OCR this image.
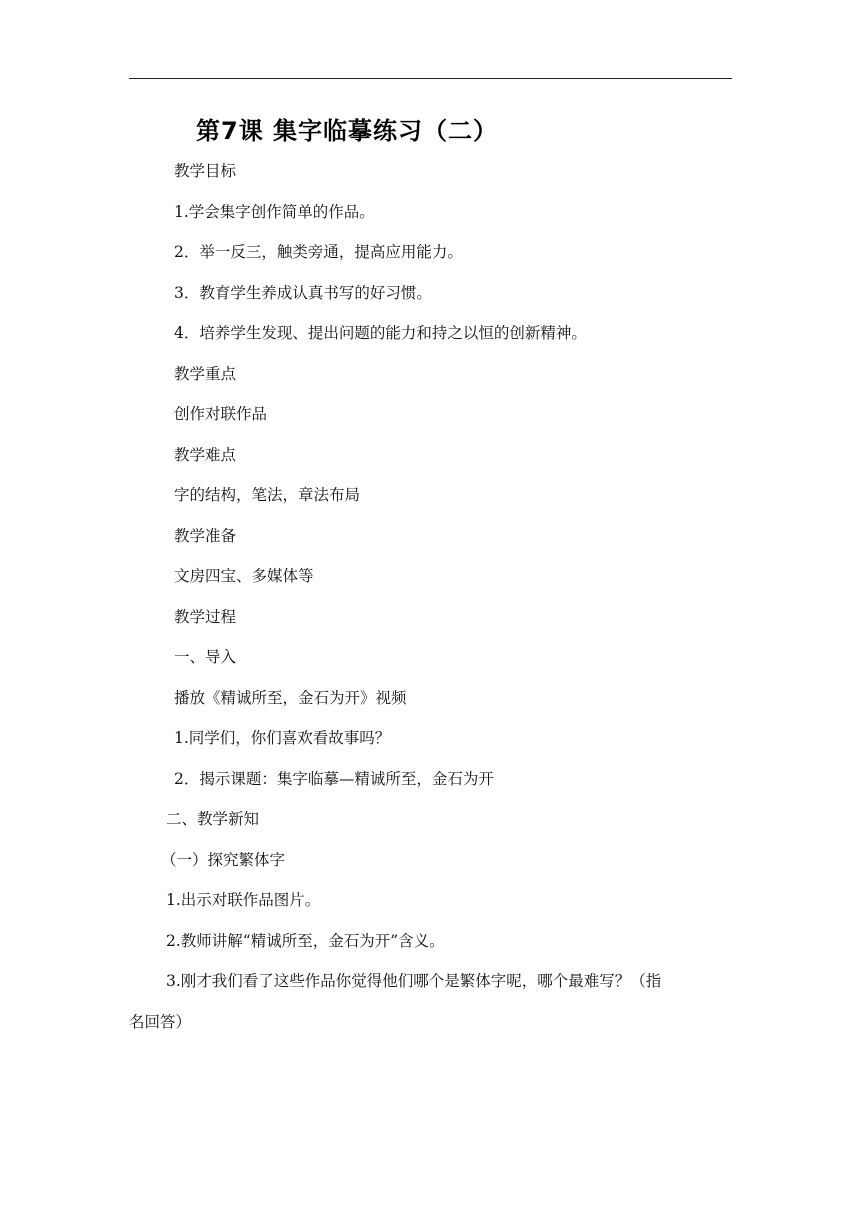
第7课 集字临摹练习（二）
教学目标
1.学会集字创作简单的作品。
2．举一反三，触类旁通，提高应用能力。
3．教育学生养成认真书写的好习惯。
4．培养学生发现、提出问题的能力和持之以恒的创新精神。
教学重点
创作对联作品
教学难点
字的结构，笔法，章法布局
教学准备
文房四宝、多媒体等
教学过程
一、导入
播放《精诚所至，金石为开》视频
1.同学们，你们喜欢看故事吗？
2．揭示课题：集字临摹—精诚所至，金石为开
二、教学新知
（一）探究繁体字
1.出示对联作品图片。
2.教师讲解“精诚所至，金石为开”含义。
3.刚才我们看了这些作品你觉得他们哪个是繁体字呢，哪个最难写？（指
名回答）
